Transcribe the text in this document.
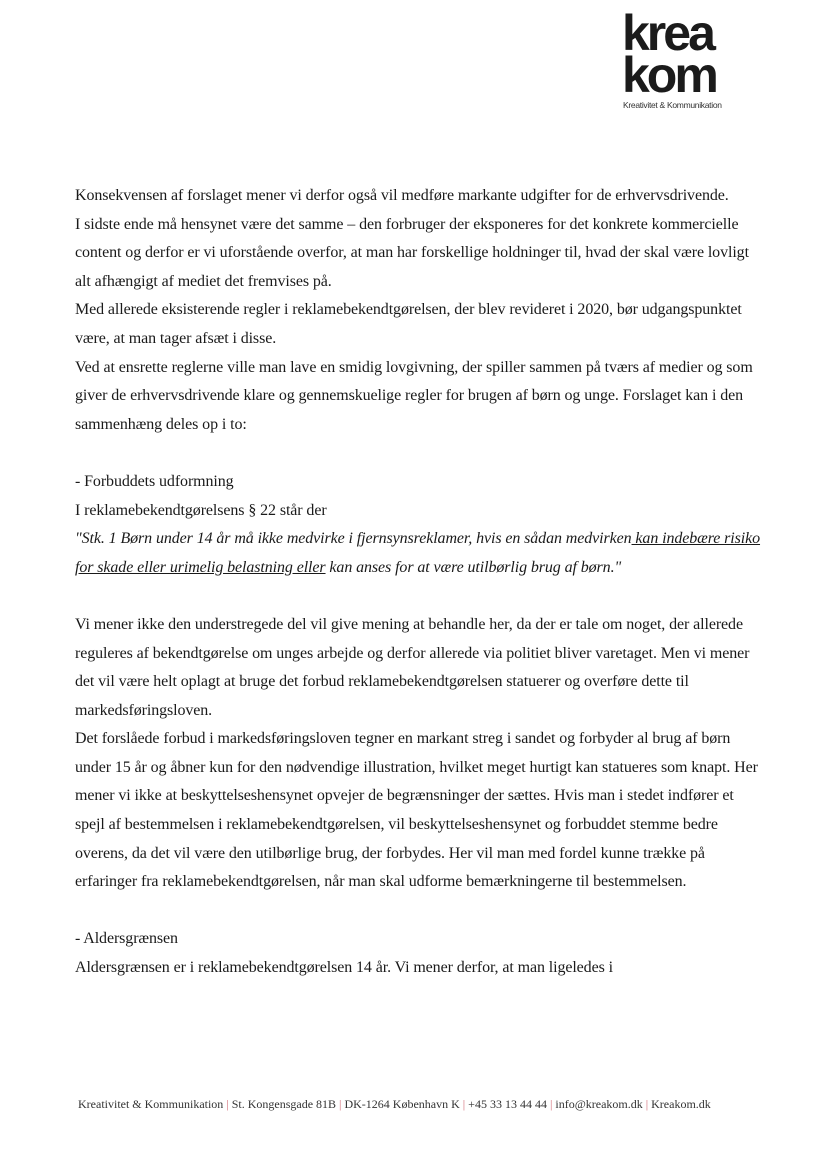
krea
kom
Kreativitet & Kommunikation

Konsekvensen af forslaget mener vi derfor også vil medføre markante udgifter for de erhvervsdrivende.

I sidste ende må hensynet være det samme – den forbruger der eksponeres for det konkrete kommercielle content og derfor er vi uforstående overfor, at man har forskellige holdninger til, hvad der skal være lovligt alt afhængigt af mediet det fremvises på.

Med allerede eksisterende regler i reklamebekendtgørelsen, der blev revideret i 2020, bør udgangspunktet være, at man tager afsæt i disse.

Ved at ensrette reglerne ville man lave en smidig lovgivning, der spiller sammen på tværs af medier og som giver de erhvervsdrivende klare og gennemskuelige regler for brugen af børn og unge. Forslaget kan i den sammenhæng deles op i to:

- Forbuddets udformning

I reklamebekendtgørelsens § 22 står der

"Stk. 1 Børn under 14 år må ikke medvirke i fjernsynsreklamer, hvis en sådan medvirken kan indebære risiko for skade eller urimelig belastning eller kan anses for at være utilbørlig brug af børn."

Vi mener ikke den understregede del vil give mening at behandle her, da der er tale om noget, der allerede reguleres af bekendtgørelse om unges arbejde og derfor allerede via politiet bliver varetaget. Men vi mener det vil være helt oplagt at bruge det forbud reklamebekendtgørelsen statuerer og overføre dette til markedsføringsloven.

Det forslåede forbud i markedsføringsloven tegner en markant streg i sandet og forbyder al brug af børn under 15 år og åbner kun for den nødvendige illustration, hvilket meget hurtigt kan statueres som knapt. Her mener vi ikke at beskyttelseshensynet opvejer de begrænsninger der sættes. Hvis man i stedet indfører et spejl af bestemmelsen i reklamebekendtgørelsen, vil beskyttelseshensynet og forbuddet stemme bedre overens, da det vil være den utilbørlige brug, der forbydes. Her vil man med fordel kunne trække på erfaringer fra reklamebekendtgørelsen, når man skal udforme bemærkningerne til bestemmelsen.

- Aldersgrænsen

Aldersgrænsen er i reklamebekendtgørelsen 14 år. Vi mener derfor, at man ligeledes i

Kreativitet & Kommunikation | St. Kongensgade 81B | DK-1264 København K | +45 33 13 44 44 | info@kreakom.dk | Kreakom.dk
